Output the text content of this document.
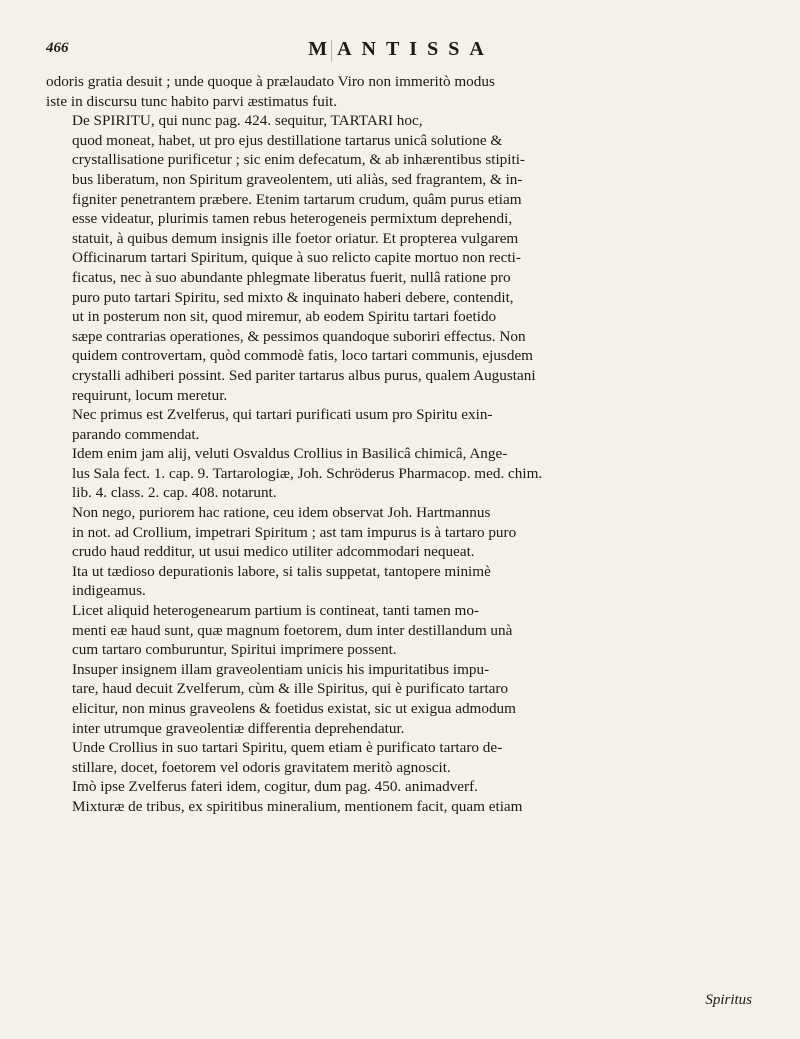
466	MANTISSA

odoris gratia desuit ; unde quoque à prælaudato Viro non immeritò modus
iste in discursu tunc habito parvi æstimatus fuit.

De SPIRITU, qui nunc pag. 424. sequitur, TARTARI hoc,
quod moneat, habet, ut pro ejus destillatione tartarus unicâ solutione &
crystallisatione purificetur ; sic enim defecatum, & ab inhærentibus stipiti-
bus liberatum, non Spiritum graveolentem, uti aliàs, sed fragrantem, & in-
figniter penetrantem præbere. Etenim tartarum crudum, quâm purus etiam
esse videatur, plurimis tamen rebus heterogeneis permixtum deprehendi,
statuit, à quibus demum insignis ille foetor oriatur. Et propterea vulgarem
Officinarum tartari Spiritum, quique à suo relicto capite mortuo non recti-
ficatus, nec à suo abundante phlegmate liberatus fuerit, nullâ ratione pro
puro puto tartari Spiritu, sed mixto & inquinato haberi debere, contendit,
ut in posterum non sit, quod miremur, ab eodem Spiritu tartari foetido
sæpe contrarias operationes, & pessimos quandoque suboriri effectus. Non
quidem controvertam, quòd commodè fatis, loco tartari communis, ejusdem
crystalli adhiberi possint. Sed pariter tartarus albus purus, qualem Augustani
requirunt, locum meretur.

Nec primus est Zvelferus, qui tartari purificati usum pro Spiritu exin-
parando commendat.

Idem enim jam alij, veluti Osvaldus Crollius in Basilicâ chimicâ, Ange-
lus Sala fect. 1. cap. 9. Tartarologiæ, Joh. Schröderus Pharmacop. med. chim.
lib. 4. class. 2. cap. 408. notarunt.

Non nego, puriorem hac ratione, ceu idem observat Joh. Hartmannus
in not. ad Crollium, impetrari Spiritum ; ast tam impurus is à tartaro puro
crudo haud redditur, ut usui medico utiliter adcommodari nequeat.
Ita ut tædioso depurationis labore, si talis suppetat, tantopere minimè
indigeamus.

Licet aliquid heterogenearum partium is contineat, tanti tamen mo-
menti eæ haud sunt, quæ magnum foetorem, dum inter destillandum unà
cum tartaro comburuntur, Spiritui imprimere possent.

Insuper insignem illam graveolentiam unicis his impuritatibus impu-
tare, haud decuit Zvelferum, cùm & ille Spiritus, qui è purificato tartaro
elicitur, non minus graveolens & foetidus existat, sic ut exigua admodum
inter utrumque graveolentiæ differentia deprehendatur.

Unde Crollius in suo tartari Spiritu, quem etiam è purificato tartaro de-
stillare, docet, foetorem vel odoris gravitatem meritò agnoscit.

Imò ipse Zvelferus fateri idem, cogitur, dum pag. 450. animadverf.
Mixturæ de tribus, ex spiritibus mineralium, mentionem facit, quam etiam

Spiritus
